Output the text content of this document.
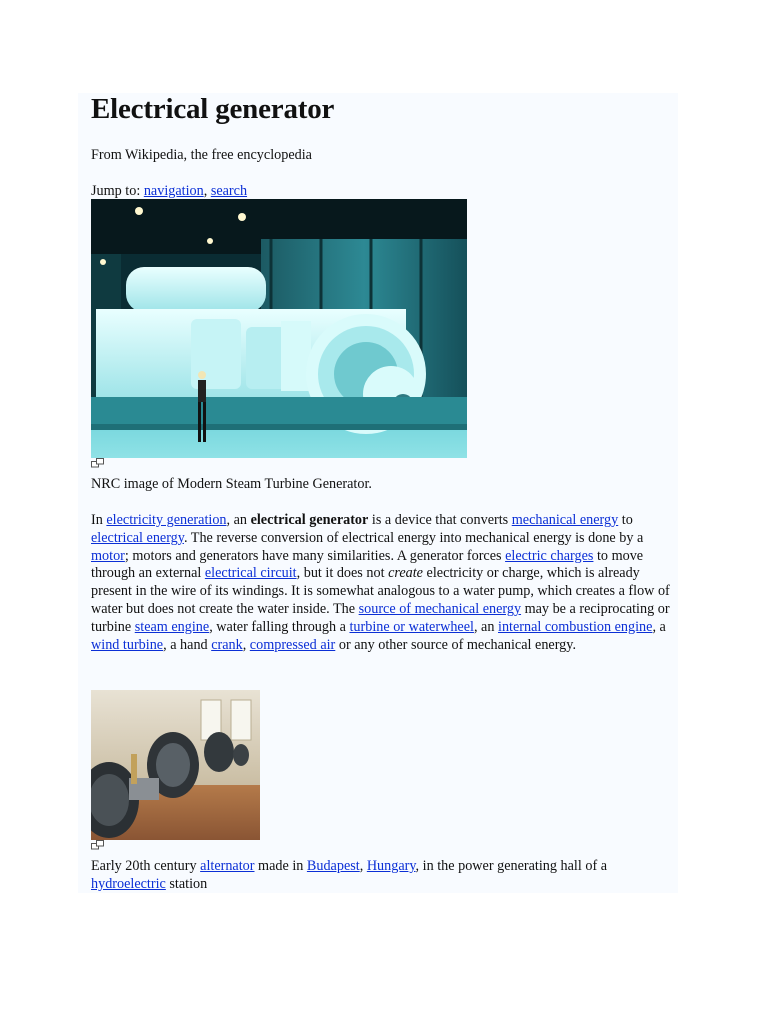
Electrical generator

From Wikipedia, the free encyclopedia

Jump to: navigation, search

NRC image of Modern Steam Turbine Generator.

In electricity generation, an electrical generator is a device that converts mechanical energy to electrical energy. The reverse conversion of electrical energy into mechanical energy is done by a motor; motors and generators have many similarities. A generator forces electric charges to move through an external electrical circuit, but it does not create electricity or charge, which is already present in the wire of its windings. It is somewhat analogous to a water pump, which creates a flow of water but does not create the water inside. The source of mechanical energy may be a reciprocating or turbine steam engine, water falling through a turbine or waterwheel, an internal combustion engine, a wind turbine, a hand crank, compressed air or any other source of mechanical energy.

Early 20th century alternator made in Budapest, Hungary, in the power generating hall of a hydroelectric station
